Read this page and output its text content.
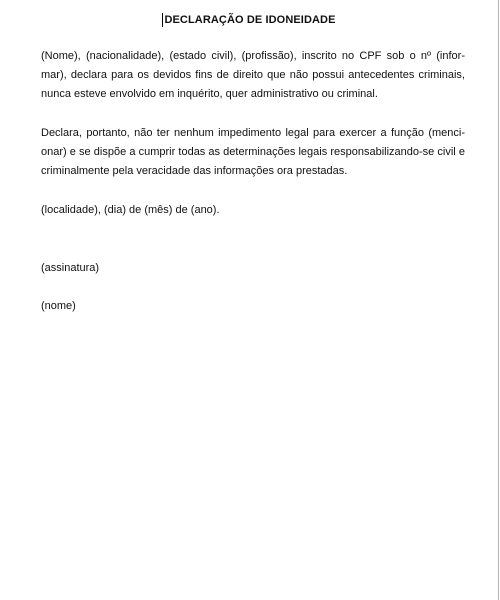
DECLARAÇÃO DE IDONEIDADE
(Nome), (nacionalidade), (estado civil), (profissão), inscrito no CPF sob o nº (infor-mar), declara para os devidos fins de direito que não possui antecedentes criminais, nunca esteve envolvido em inquérito, quer administrativo ou criminal.
Declara, portanto, não ter nenhum impedimento legal para exercer a função (menci-onar) e se dispõe a cumprir todas as determinações legais responsabilizando-se civil e criminalmente pela veracidade das informações ora prestadas.
(localidade), (dia) de (mês) de (ano).
(assinatura)
(nome)
